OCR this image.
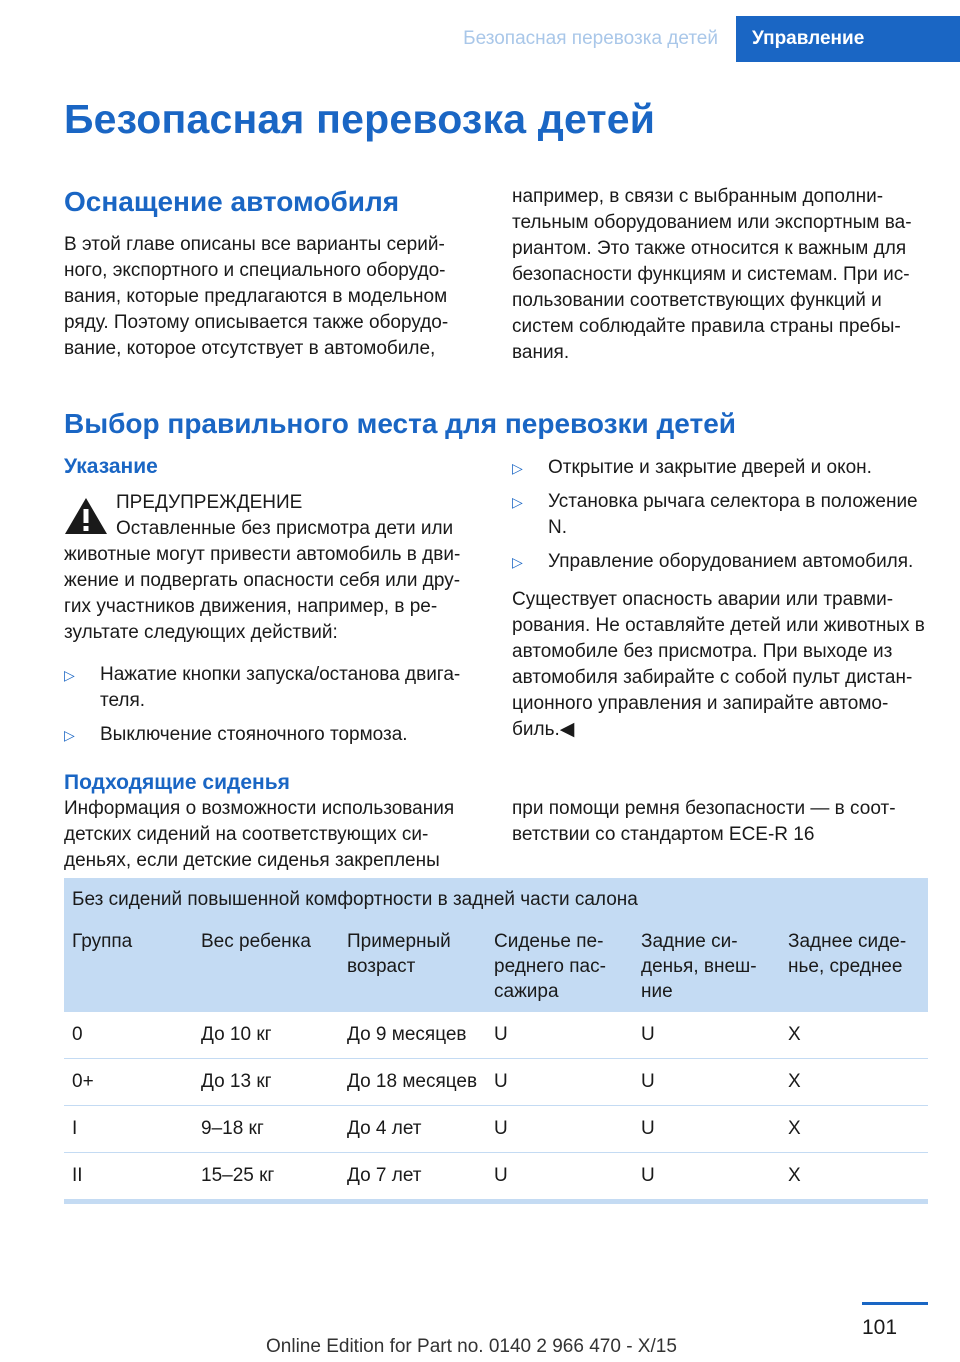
Безопасная перевозка детей	Управление
Безопасная перевозка детей
Оснащение автомобиля

В этой главе описаны все варианты серийного, экспортного и специального оборудования, которые предлагаются в модельном ряду. Поэтому описывается также оборудование, которое отсутствует в автомобиле,

например, в связи с выбранным дополнительным оборудованием или экспортным вариантом. Это также относится к важным для безопасности функциям и системам. При использовании соответствующих функций и систем соблюдайте правила страны пребывания.

Выбор правильного места для перевозки детей
Указание

ПРЕДУПРЕЖДЕНИЕ

Оставленные без присмотра дети или животные могут привести автомобиль в движение и подвергать опасности себя или других участников движения, например, в результате следующих действий:

▷	Нажатие кнопки запуска/останова двигателя.
▷	Выключение стояночного тормоза.
▷	Открытие и закрытие дверей и окон.
▷	Установка рычага селектора в положение N.
▷	Управление оборудованием автомобиля.

Существует опасность аварии или травмирования. Не оставляйте детей или животных в автомобиле без присмотра. При выходе из автомобиля забирайте с собой пульт дистанционного управления и запирайте автомобиль.◀

Подходящие сиденья

Информация о возможности использования детских сидений на соответствующих сиденьях, если детские сиденья закреплены

при помощи ремня безопасности — в соответствии со стандартом ECE-R 16

Без сидений повышенной комфортности в задней части салона					
Группа	Вес ребенка	Примерный возраст	Сиденье переднего пассажира	Задние сиденья, внешние	Заднее сиденье, среднее
0	До 10 кг	До 9 месяцев	U	U	X
0+	До 13 кг	До 18 месяцев	U	U	X
I	9–18 кг	До 4 лет	U	U	X
II	15–25 кг	До 7 лет	U	U	X
101
Online Edition for Part no. 0140 2 966 470 - X/15
